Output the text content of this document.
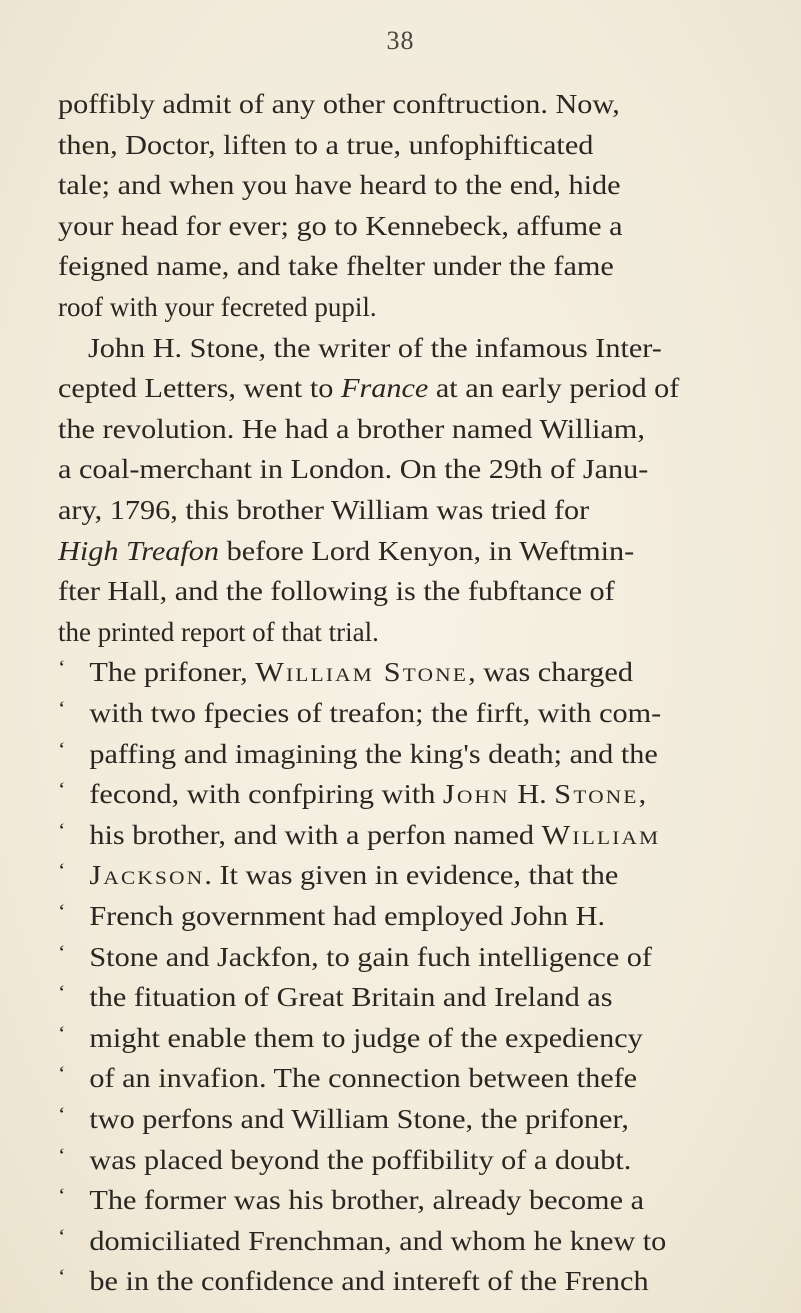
38
poffibly admit of any other conftruction. Now,
then, Doctor, liften to a true, unfophifticated
tale; and when you have heard to the end, hide
your head for ever; go to Kennebeck, affume a
feigned name, and take fhelter under the fame
roof with your fecreted pupil.
John H. Stone, the writer of the infamous Inter-
cepted Letters, went to France at an early period of
the revolution. He had a brother named William,
a coal-merchant in London. On the 29th of Janu-
ary, 1796, this brother William was tried for
High Treafon before Lord Kenyon, in Weftmin-
fter Hall, and the following is the fubftance of
the printed report of that trial.
‘ The prifoner, William Stone, was charged
‘ with two fpecies of treafon; the firft, with com-
‘ paffing and imagining the king's death; and the
‘ fecond, with confpiring with John H. Stone,
‘ his brother, and with a perfon named William
‘ Jackson. It was given in evidence, that the
‘ French government had employed John H.
‘ Stone and Jackfon, to gain fuch intelligence of
‘ the fituation of Great Britain and Ireland as
‘ might enable them to judge of the expediency
‘ of an invafion. The connection between thefe
‘ two perfons and William Stone, the prifoner,
‘ was placed beyond the poffibility of a doubt.
‘ The former was his brother, already become a
‘ domiciliated Frenchman, and whom he knew to
‘ be in the confidence and intereft of the French
